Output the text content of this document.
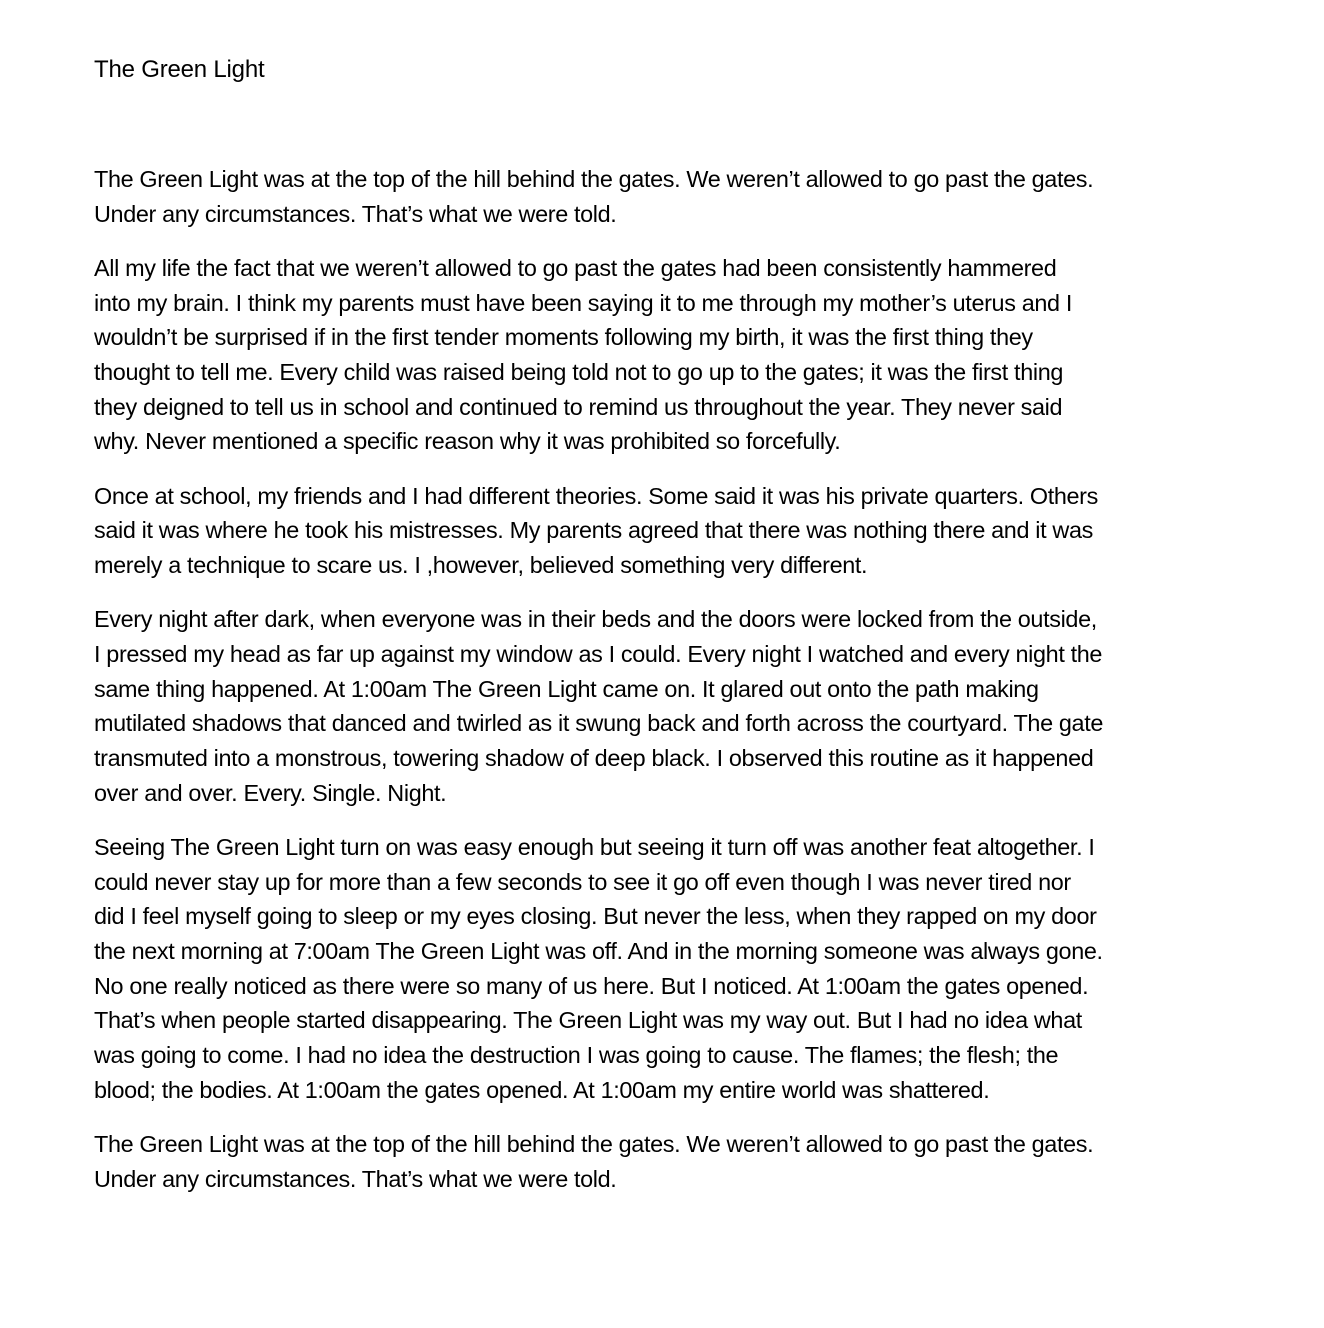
The Green Light

The Green Light was at the top of the hill behind the gates. We weren’t allowed to go past the gates.
Under any circumstances. That’s what we were told.

All my life the fact that we weren’t allowed to go past the gates had been consistently hammered
into my brain. I think my parents must have been saying it to me through my mother’s uterus and I
wouldn’t be surprised if in the first tender moments following my birth, it was the first thing they
thought to tell me. Every child was raised being told not to go up to the gates; it was the first thing
they deigned to tell us in school and continued to remind us throughout the year. They never said
why. Never mentioned a specific reason why it was prohibited so forcefully.

Once at school, my friends and I had different theories. Some said it was his private quarters. Others
said it was where he took his mistresses. My parents agreed that there was nothing there and it was
merely a technique to scare us. I ,however, believed something very different.

Every night after dark, when everyone was in their beds and the doors were locked from the outside,
I pressed my head as far up against my window as I could. Every night I watched and every night the
same thing happened. At 1:00am The Green Light came on. It glared out onto the path making
mutilated shadows that danced and twirled as it swung back and forth across the courtyard. The gate
transmuted into a monstrous, towering shadow of deep black. I observed this routine as it happened
over and over. Every. Single. Night.

Seeing The Green Light turn on was easy enough but seeing it turn off was another feat altogether. I
could never stay up for more than a few seconds to see it go off even though I was never tired nor
did I feel myself going to sleep or my eyes closing. But never the less, when they rapped on my door
the next morning at 7:00am The Green Light was off. And in the morning someone was always gone.
No one really noticed as there were so many of us here. But I noticed. At 1:00am the gates opened.
That’s when people started disappearing. The Green Light was my way out. But I had no idea what
was going to come. I had no idea the destruction I was going to cause. The flames; the flesh; the
blood; the bodies. At 1:00am the gates opened. At 1:00am my entire world was shattered.

The Green Light was at the top of the hill behind the gates. We weren’t allowed to go past the gates.
Under any circumstances. That’s what we were told.
